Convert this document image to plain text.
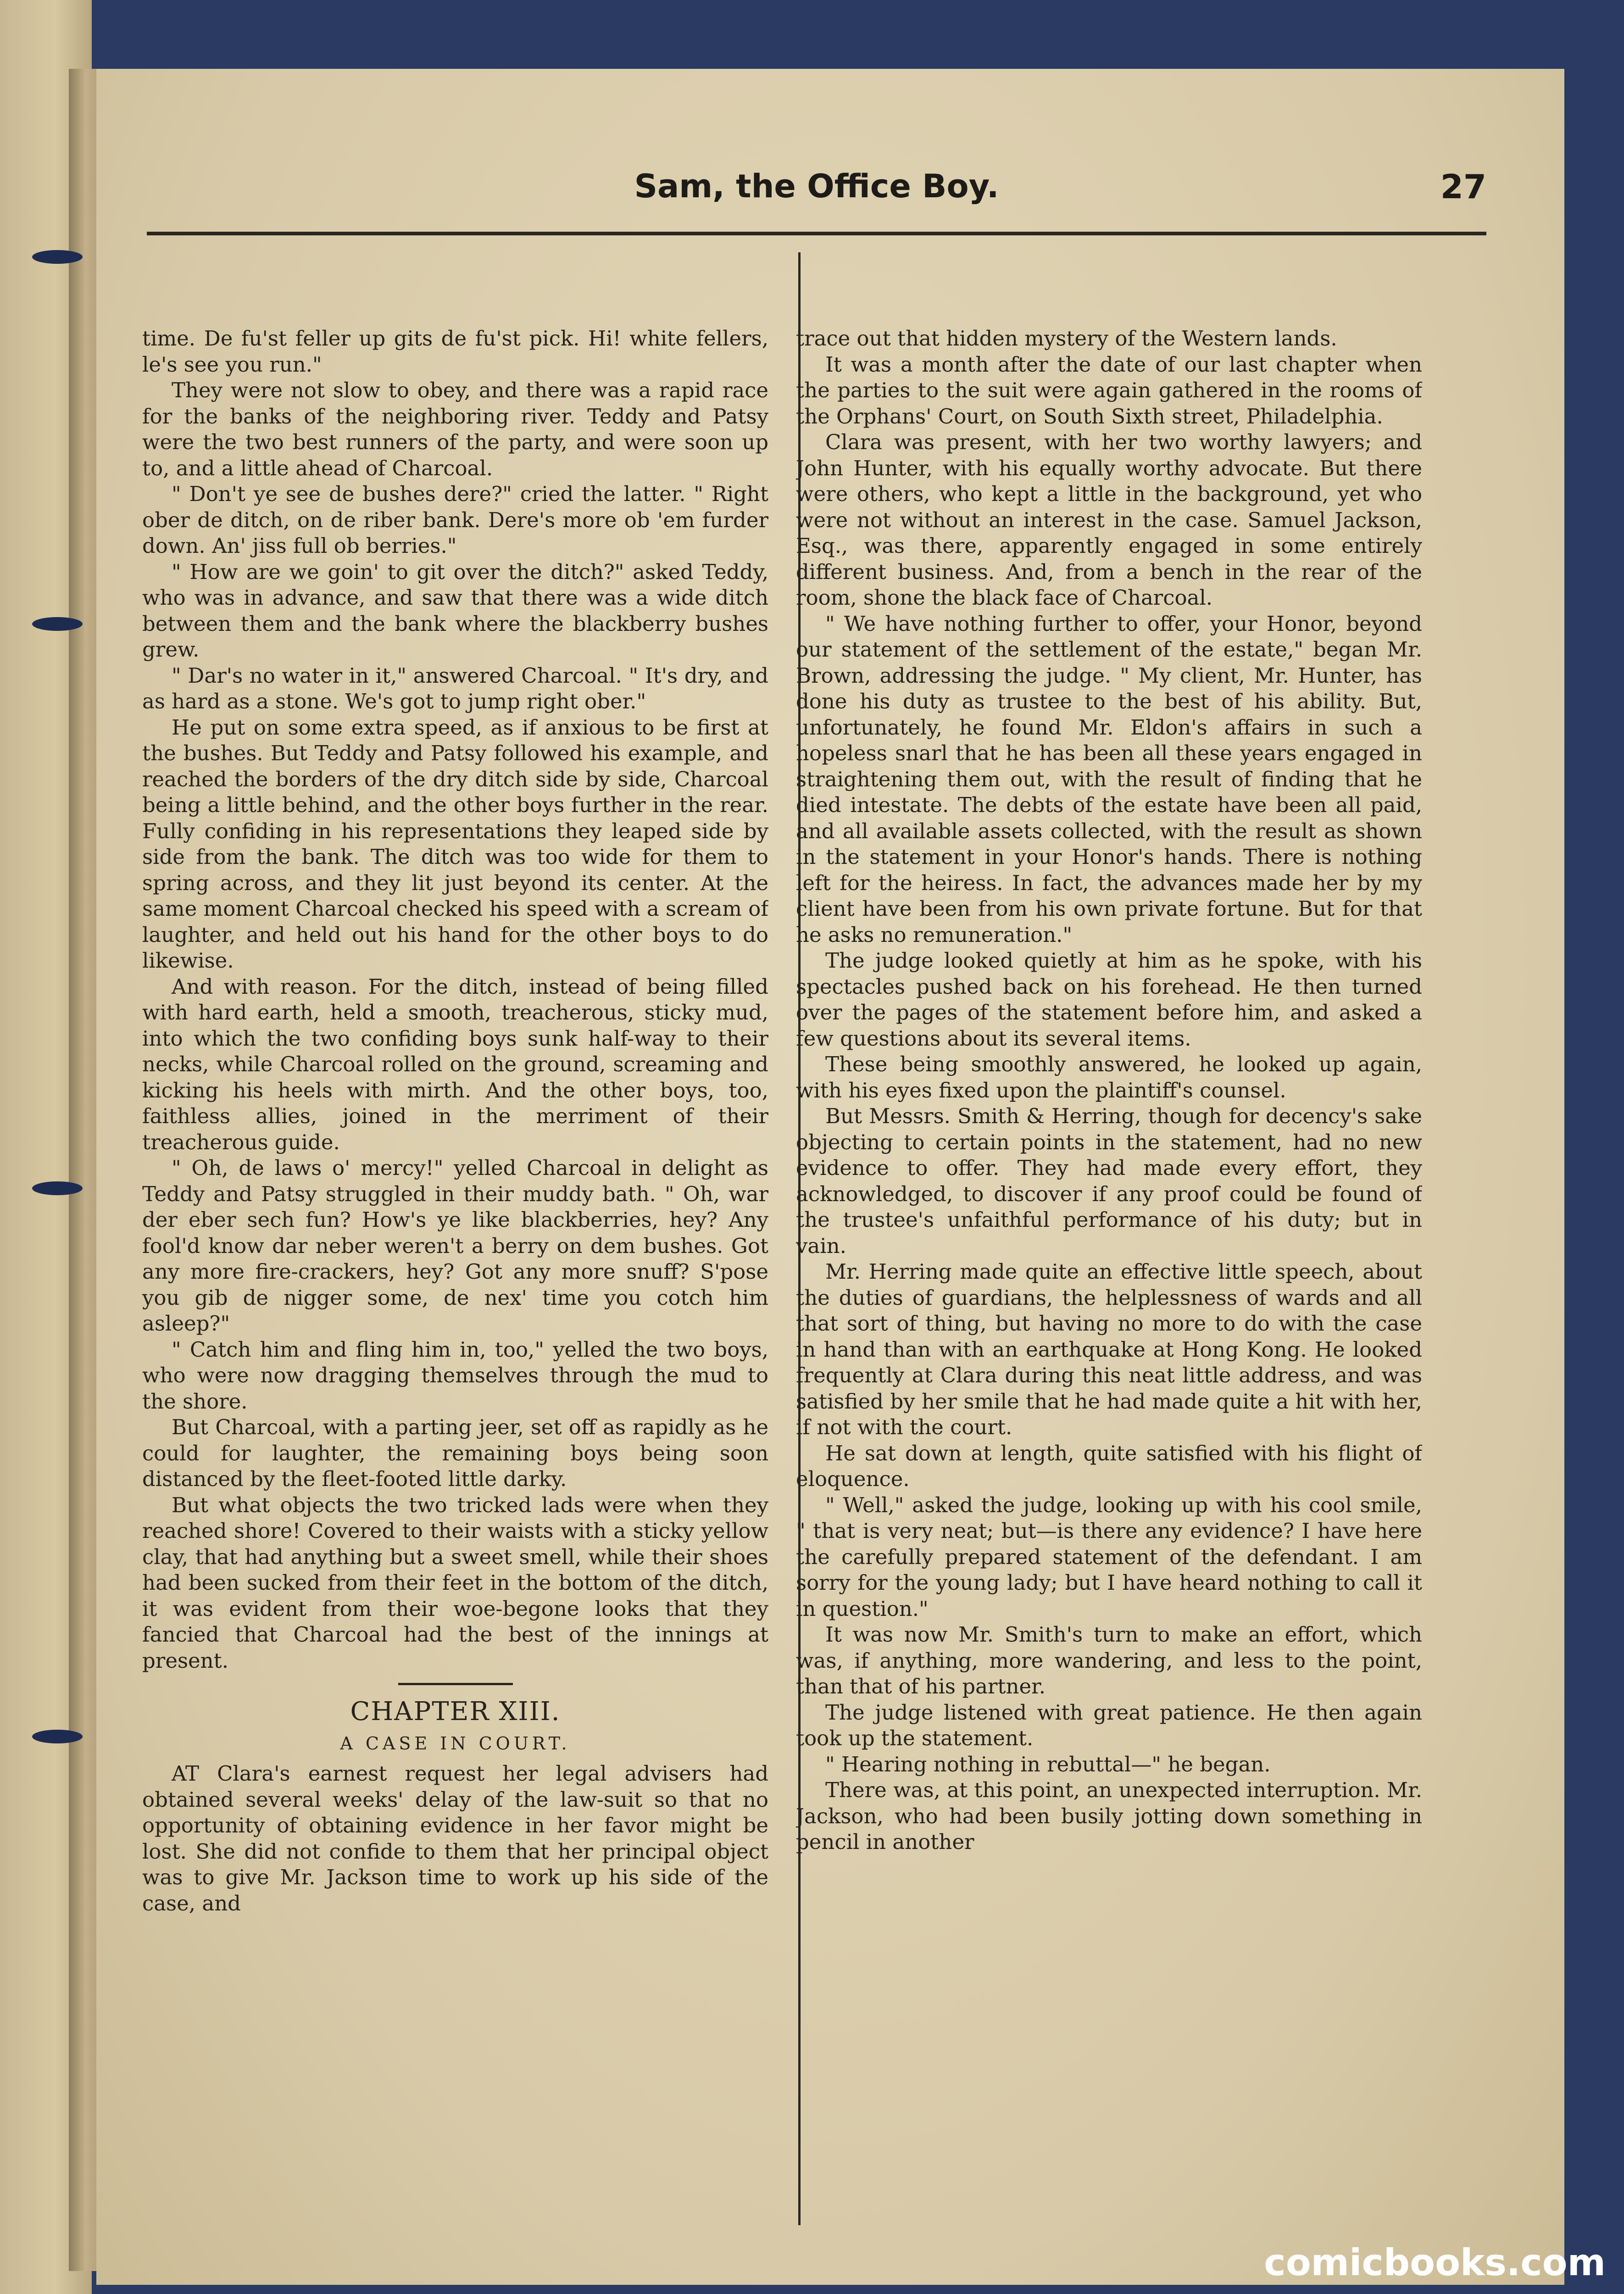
Sam, the Office Boy.	27

time. De fu'st feller up gits de fu'st pick. Hi! white fellers, le's see you run."

They were not slow to obey, and there was a rapid race for the banks of the neighboring river. Teddy and Patsy were the two best runners of the party, and were soon up to, and a little ahead of Charcoal.

" Don't ye see de bushes dere?" cried the latter. " Right ober de ditch, on de riber bank. Dere's more ob 'em furder down. An' jiss full ob berries."

" How are we goin' to git over the ditch?" asked Teddy, who was in advance, and saw that there was a wide ditch between them and the bank where the blackberry bushes grew.

" Dar's no water in it," answered Charcoal. " It's dry, and as hard as a stone. We's got to jump right ober."

He put on some extra speed, as if anxious to be first at the bushes. But Teddy and Patsy followed his example, and reached the borders of the dry ditch side by side, Charcoal being a little behind, and the other boys further in the rear. Fully confiding in his representations they leaped side by side from the bank. The ditch was too wide for them to spring across, and they lit just beyond its center. At the same moment Charcoal checked his speed with a scream of laughter, and held out his hand for the other boys to do likewise.

And with reason. For the ditch, instead of being filled with hard earth, held a smooth, treacherous, sticky mud, into which the two confiding boys sunk half-way to their necks, while Charcoal rolled on the ground, screaming and kicking his heels with mirth. And the other boys, too, faithless allies, joined in the merriment of their treacherous guide.

" Oh, de laws o' mercy!" yelled Charcoal in delight as Teddy and Patsy struggled in their muddy bath. " Oh, war der eber sech fun? How's ye like blackberries, hey? Any fool'd know dar neber weren't a berry on dem bushes. Got any more fire-crackers, hey? Got any more snuff? S'pose you gib de nigger some, de nex' time you cotch him asleep?"

" Catch him and fling him in, too," yelled the two boys, who were now dragging themselves through the mud to the shore.

But Charcoal, with a parting jeer, set off as rapidly as he could for laughter, the remaining boys being soon distanced by the fleet-footed little darky.

But what objects the two tricked lads were when they reached shore! Covered to their waists with a sticky yellow clay, that had anything but a sweet smell, while their shoes had been sucked from their feet in the bottom of the ditch, it was evident from their woe-begone looks that they fancied that Charcoal had the best of the innings at present.

CHAPTER XIII.
A CASE IN COURT.

AT Clara's earnest request her legal advisers had obtained several weeks' delay of the law-suit so that no opportunity of obtaining evidence in her favor might be lost. She did not confide to them that her principal object was to give Mr. Jackson time to work up his side of the case, and

trace out that hidden mystery of the Western lands.

It was a month after the date of our last chapter when the parties to the suit were again gathered in the rooms of the Orphans' Court, on South Sixth street, Philadelphia.

Clara was present, with her two worthy lawyers; and John Hunter, with his equally worthy advocate. But there were others, who kept a little in the background, yet who were not without an interest in the case. Samuel Jackson, Esq., was there, apparently engaged in some entirely different business. And, from a bench in the rear of the room, shone the black face of Charcoal.

" We have nothing further to offer, your Honor, beyond our statement of the settlement of the estate," began Mr. Brown, addressing the judge. " My client, Mr. Hunter, has done his duty as trustee to the best of his ability. But, unfortunately, he found Mr. Eldon's affairs in such a hopeless snarl that he has been all these years engaged in straightening them out, with the result of finding that he died intestate. The debts of the estate have been all paid, and all available assets collected, with the result as shown in the statement in your Honor's hands. There is nothing left for the heiress. In fact, the advances made her by my client have been from his own private fortune. But for that he asks no remuneration."

The judge looked quietly at him as he spoke, with his spectacles pushed back on his forehead. He then turned over the pages of the statement before him, and asked a few questions about its several items.

These being smoothly answered, he looked up again, with his eyes fixed upon the plaintiff's counsel.

But Messrs. Smith & Herring, though for decency's sake objecting to certain points in the statement, had no new evidence to offer. They had made every effort, they acknowledged, to discover if any proof could be found of the trustee's unfaithful performance of his duty; but in vain.

Mr. Herring made quite an effective little speech, about the duties of guardians, the helplessness of wards and all that sort of thing, but having no more to do with the case in hand than with an earthquake at Hong Kong. He looked frequently at Clara during this neat little address, and was satisfied by her smile that he had made quite a hit with her, if not with the court.

He sat down at length, quite satisfied with his flight of eloquence.

" Well," asked the judge, looking up with his cool smile, " that is very neat; but—is there any evidence? I have here the carefully prepared statement of the defendant. I am sorry for the young lady; but I have heard nothing to call it in question."

It was now Mr. Smith's turn to make an effort, which was, if anything, more wandering, and less to the point, than that of his partner.

The judge listened with great patience. He then again took up the statement.

" Hearing nothing in rebuttal—" he began.

There was, at this point, an unexpected interruption. Mr. Jackson, who had been busily jotting down something in pencil in another

comicbooks.com
